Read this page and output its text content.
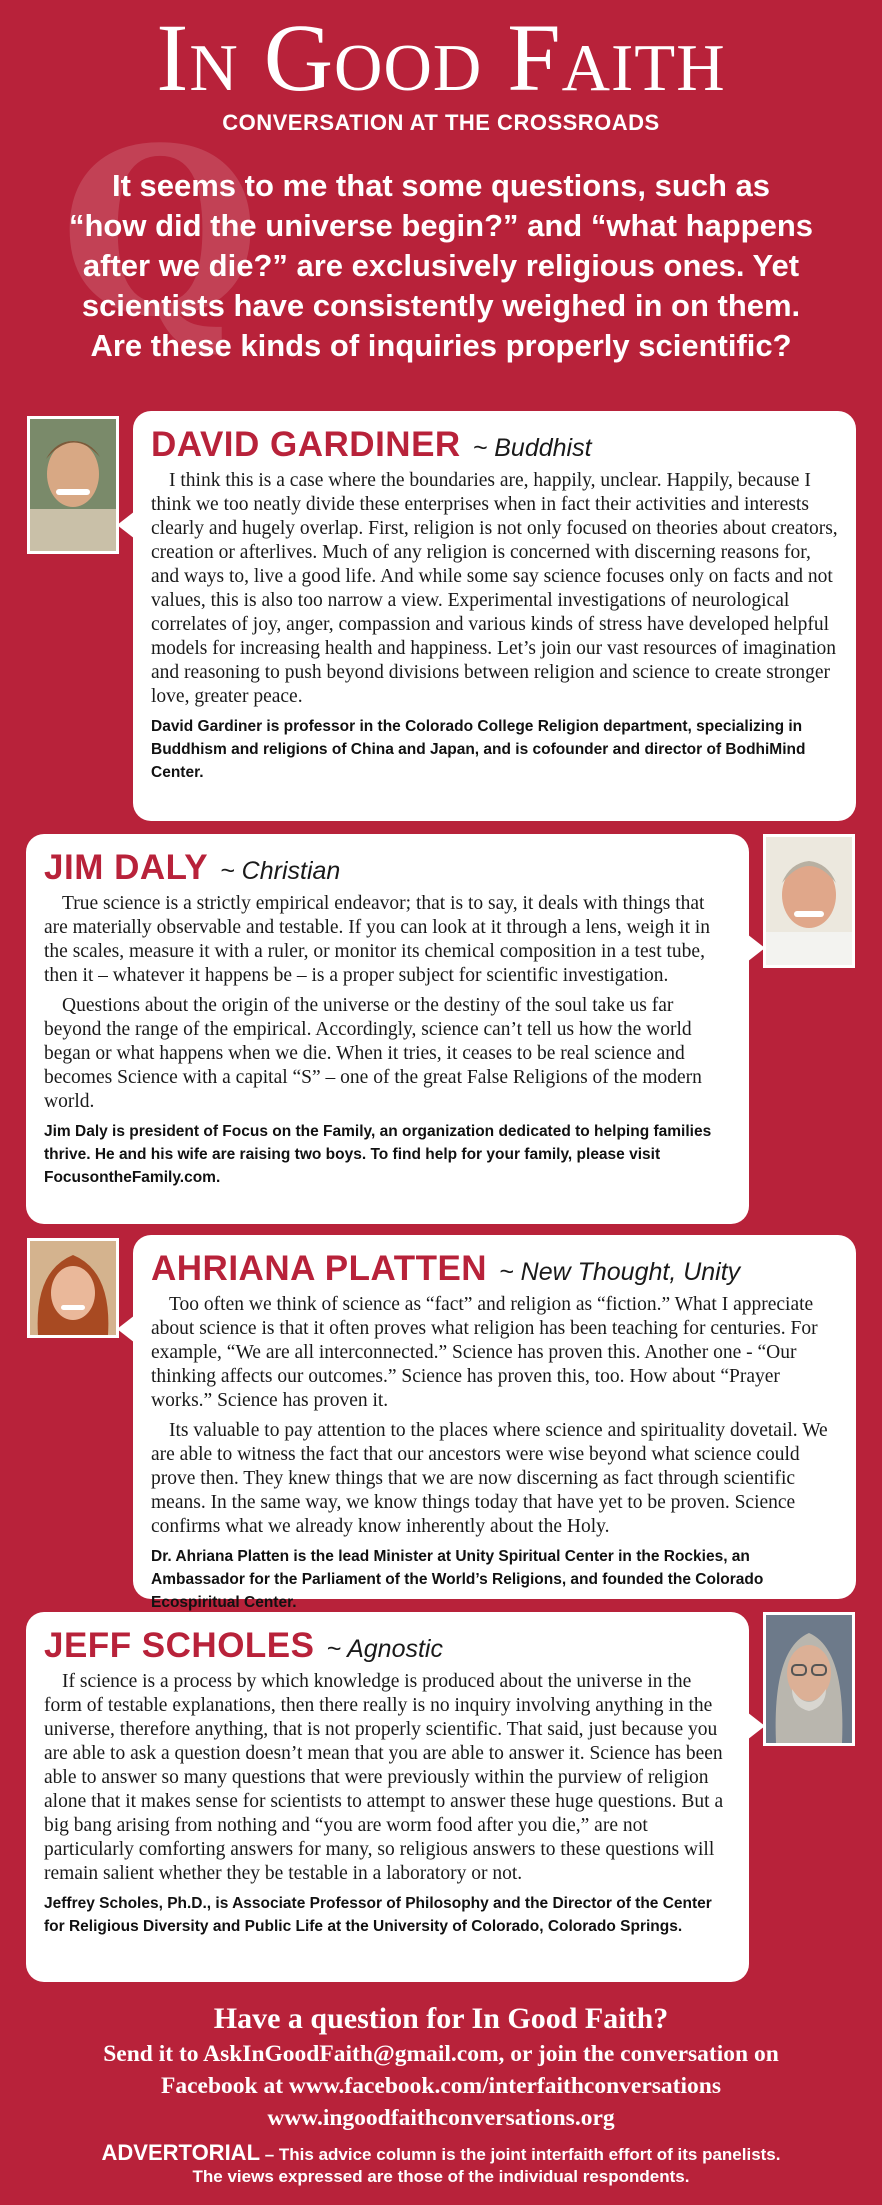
In Good Faith
CONVERSATION AT THE CROSSROADS
Q
It seems to me that some questions, such as
“how did the universe begin?” and “what happens
after we die?” are exclusively religious ones. Yet
scientists have consistently weighed in on them.
Are these kinds of inquiries properly scientific?
DAVID GARDINER ~ Buddhist

I think this is a case where the boundaries are, happily, unclear. Happily, because I think we too neatly divide these enterprises when in fact their activities and interests clearly and hugely overlap. First, religion is not only focused on theories about creators, creation or afterlives. Much of any religion is concerned with discerning reasons for, and ways to, live a good life. And while some say science focuses only on facts and not values, this is also too narrow a view. Experimental investigations of neurological correlates of joy, anger, compassion and various kinds of stress have developed helpful models for increasing health and happiness. Let’s join our vast resources of imagination and reasoning to push beyond divisions between religion and science to create stronger love, greater peace.

David Gardiner is professor in the Colorado College Religion department, specializing in Buddhism and religions of China and Japan, and is cofounder and director of BodhiMind Center.

JIM DALY ~ Christian

True science is a strictly empirical endeavor; that is to say, it deals with things that are materially observable and testable. If you can look at it through a lens, weigh it in the scales, measure it with a ruler, or monitor its chemical composition in a test tube, then it – whatever it happens be – is a proper subject for scientific investigation.

Questions about the origin of the universe or the destiny of the soul take us far beyond the range of the empirical. Accordingly, science can’t tell us how the world began or what happens when we die. When it tries, it ceases to be real science and becomes Science with a capital “S” – one of the great False Religions of the modern world.

Jim Daly is president of Focus on the Family, an organization dedicated to helping families thrive. He and his wife are raising two boys. To find help for your family, please visit FocusontheFamily.com.

AHRIANA PLATTEN ~ New Thought, Unity

Too often we think of science as “fact” and religion as “fiction.” What I appreciate about science is that it often proves what religion has been teaching for centuries. For example, “We are all interconnected.” Science has proven this. Another one - “Our thinking affects our outcomes.” Science has proven this, too. How about “Prayer works.” Science has proven it.

Its valuable to pay attention to the places where science and spirituality dovetail. We are able to witness the fact that our ancestors were wise beyond what science could prove then. They knew things that we are now discerning as fact through scientific means. In the same way, we know things today that have yet to be proven. Science confirms what we already know inherently about the Holy.

Dr. Ahriana Platten is the lead Minister at Unity Spiritual Center in the Rockies, an Ambassador for the Parliament of the World’s Religions, and founded the Colorado Ecospiritual Center.

JEFF SCHOLES ~ Agnostic

If science is a process by which knowledge is produced about the universe in the form of testable explanations, then there really is no inquiry involving anything in the universe, therefore anything, that is not properly scientific. That said, just because you are able to ask a question doesn’t mean that you are able to answer it. Science has been able to answer so many questions that were previously within the purview of religion alone that it makes sense for scientists to attempt to answer these huge questions. But a big bang arising from nothing and “you are worm food after you die,” are not particularly comforting answers for many, so religious answers to these questions will remain salient whether they be testable in a laboratory or not.

Jeffrey Scholes, Ph.D., is Associate Professor of Philosophy and the Director of the Center for Religious Diversity and Public Life at the University of Colorado, Colorado Springs.

Have a question for In Good Faith?
Send it to AskInGoodFaith@gmail.com, or join the conversation on
Facebook at www.facebook.com/interfaithconversations
www.ingoodfaithconversations.org
ADVERTORIAL – This advice column is the joint interfaith effort of its panelists.
The views expressed are those of the individual respondents.
